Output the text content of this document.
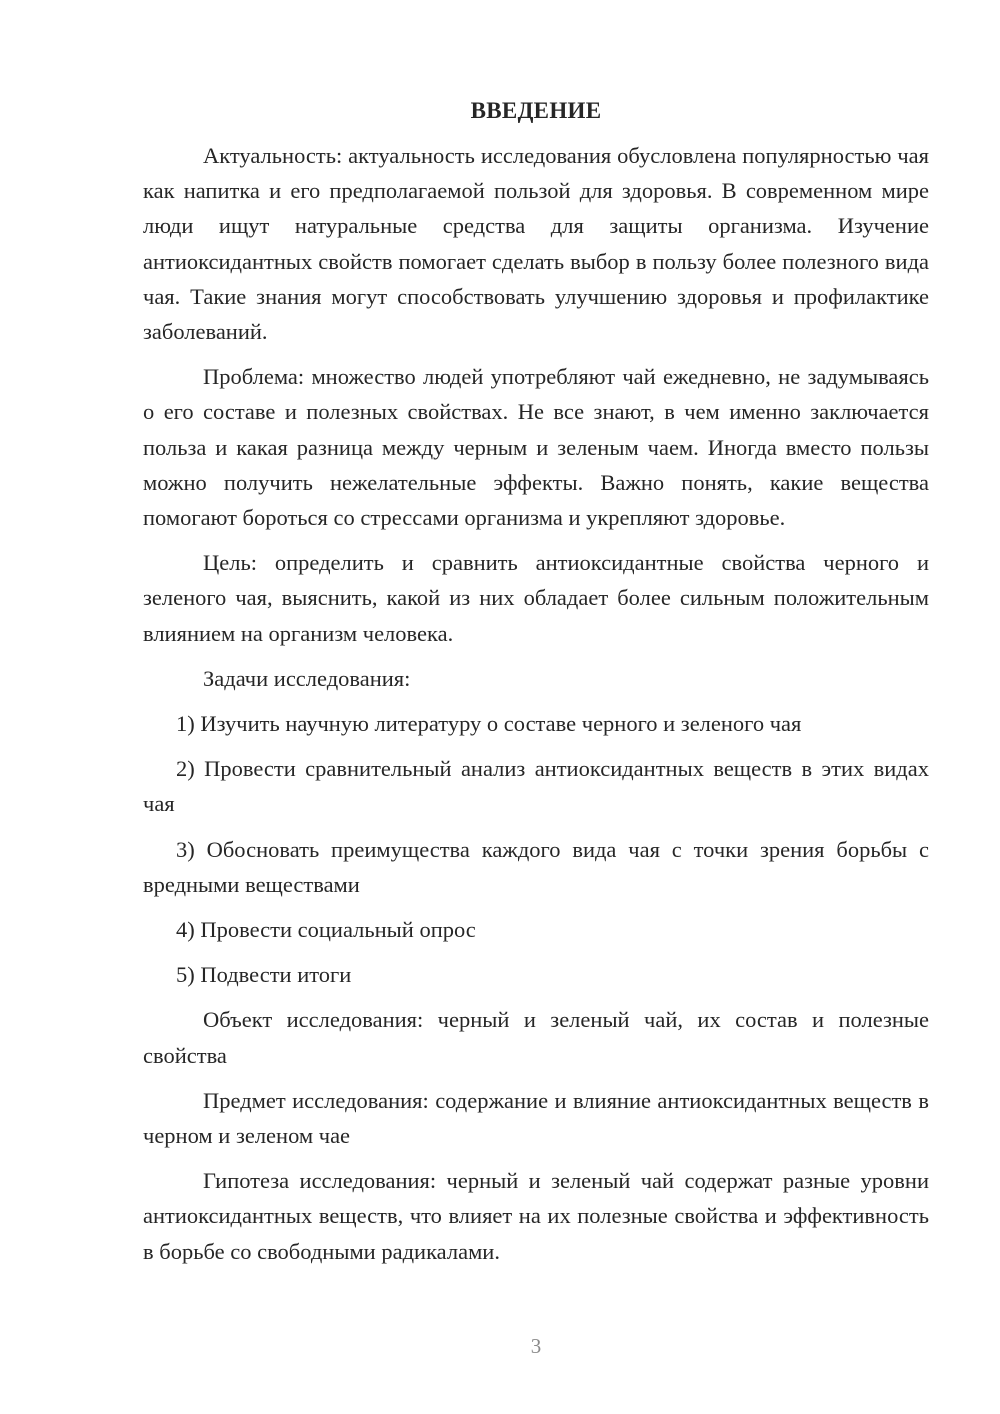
ВВЕДЕНИЕ

Актуальность: актуальность исследования обусловлена популярностью чая как напитка и его предполагаемой пользой для здоровья. В современном мире люди ищут натуральные средства для защиты организма. Изучение антиоксидантных свойств помогает сделать выбор в пользу более полезного вида чая. Такие знания могут способствовать улучшению здоровья и профилактике заболеваний.

Проблема: множество людей употребляют чай ежедневно, не задумываясь о его составе и полезных свойствах. Не все знают, в чем именно заключается польза и какая разница между черным и зеленым чаем. Иногда вместо пользы можно получить нежелательные эффекты. Важно понять, какие вещества помогают бороться со стрессами организма и укрепляют здоровье.

Цель: определить и сравнить антиоксидантные свойства черного и зеленого чая, выяснить, какой из них обладает более сильным положительным влиянием на организм человека.

Задачи исследования:

1) Изучить научную литературу о составе черного и зеленого чая

2) Провести сравнительный анализ антиоксидантных веществ в этих видах чая

3) Обосновать преимущества каждого вида чая с точки зрения борьбы с вредными веществами

4) Провести социальный опрос

5) Подвести итоги

Объект исследования: черный и зеленый чай, их состав и полезные свойства

Предмет исследования: содержание и влияние антиоксидантных веществ в черном и зеленом чае

Гипотеза исследования: черный и зеленый чай содержат разные уровни антиоксидантных веществ, что влияет на их полезные свойства и эффективность в борьбе со свободными радикалами.

3
